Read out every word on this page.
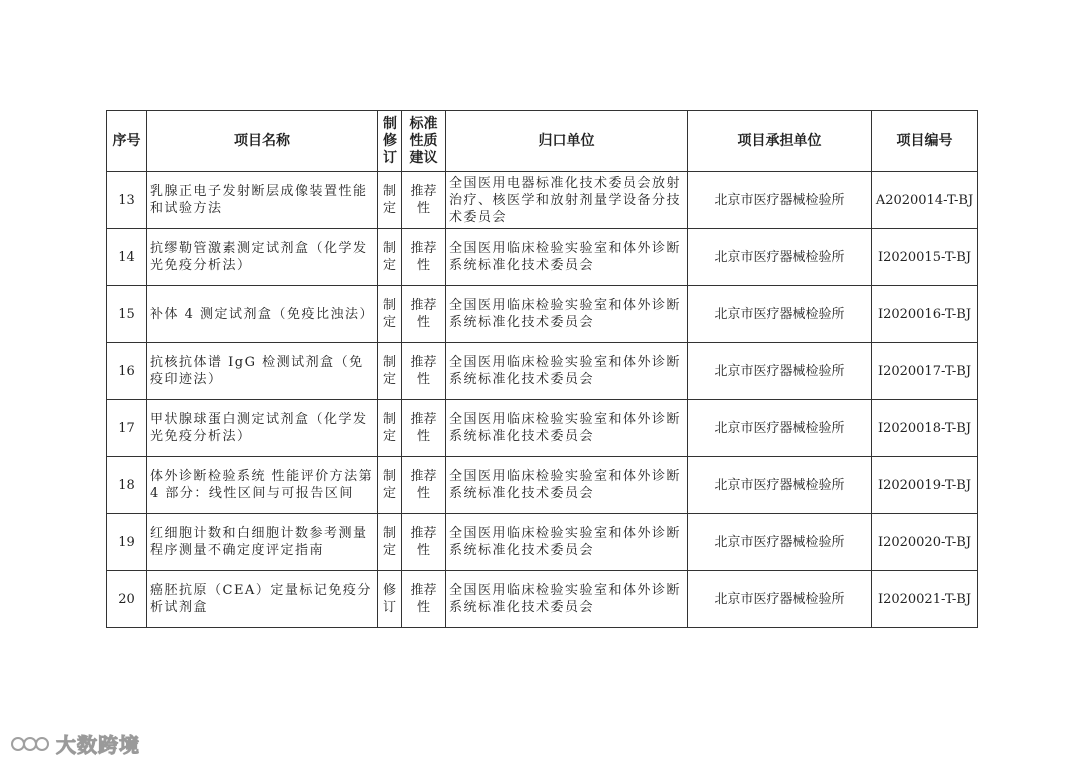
序号	项目名称	制修订	标准性质建议	归口单位	项目承担单位	项目编号
13	乳腺正电子发射断层成像装置性能和试验方法	制定	推荐性	全国医用电器标准化技术委员会放射治疗、核医学和放射剂量学设备分技术委员会	北京市医疗器械检验所	A2020014-T-BJ
14	抗缪勒管激素测定试剂盒（化学发光免疫分析法）	制定	推荐性	全国医用临床检验实验室和体外诊断系统标准化技术委员会	北京市医疗器械检验所	I2020015-T-BJ
15	补体 4 测定试剂盒（免疫比浊法）	制定	推荐性	全国医用临床检验实验室和体外诊断系统标准化技术委员会	北京市医疗器械检验所	I2020016-T-BJ
16	抗核抗体谱 IgG 检测试剂盒（免疫印迹法）	制定	推荐性	全国医用临床检验实验室和体外诊断系统标准化技术委员会	北京市医疗器械检验所	I2020017-T-BJ
17	甲状腺球蛋白测定试剂盒（化学发光免疫分析法）	制定	推荐性	全国医用临床检验实验室和体外诊断系统标准化技术委员会	北京市医疗器械检验所	I2020018-T-BJ
18	体外诊断检验系统 性能评价方法第 4 部分：线性区间与可报告区间	制定	推荐性	全国医用临床检验实验室和体外诊断系统标准化技术委员会	北京市医疗器械检验所	I2020019-T-BJ
19	红细胞计数和白细胞计数参考测量程序测量不确定度评定指南	制定	推荐性	全国医用临床检验实验室和体外诊断系统标准化技术委员会	北京市医疗器械检验所	I2020020-T-BJ
20	癌胚抗原（CEA）定量标记免疫分析试剂盒	修订	推荐性	全国医用临床检验实验室和体外诊断系统标准化技术委员会	北京市医疗器械检验所	I2020021-T-BJ
大数跨境
